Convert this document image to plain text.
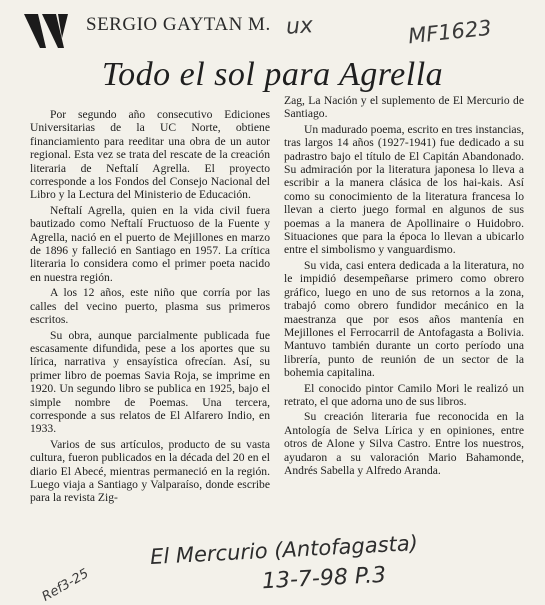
SERGIO GAYTAN M. ux	MF1623
Todo el sol para Agrella

Por segundo año consecutivo Ediciones Universitarias de la UC Norte, obtiene financiamiento para reeditar una obra de un autor regional. Esta vez se trata del rescate de la creación literaria de Neftalí Agrella. El proyecto corresponde a los Fondos del Consejo Nacional del Libro y la Lectura del Ministerio de Educación.

Neftalí Agrella, quien en la vida civil fuera bautizado como Neftalí Fructuoso de la Fuente y Agrella, nació en el puerto de Mejillones en marzo de 1896 y falleció en Santiago en 1957. La crítica literaria lo considera como el primer poeta nacido en nuestra región.

A los 12 años, este niño que corría por las calles del vecino puerto, plasma sus primeros escritos.

Su obra, aunque parcialmente publicada fue escasamente difundida, pese a los aportes que su lírica, narrativa y ensayística ofrecían. Así, su primer libro de poemas Savia Roja, se imprime en 1920. Un segundo libro se publica en 1925, bajo el simple nombre de Poemas. Una tercera, corresponde a sus relatos de El Alfarero Indio, en 1933.

Varios de sus artículos, producto de su vasta cultura, fueron publicados en la década del 20 en el diario El Abecé, mientras permaneció en la región. Luego viaja a Santiago y Valparaíso, donde escribe para la revista Zig-

Zag, La Nación y el suplemento de El Mercurio de Santiago.

Un madurado poema, escrito en tres instancias, tras largos 14 años (1927-1941) fue dedicado a su padrastro bajo el título de El Capitán Abandonado. Su admiración por la literatura japonesa lo lleva a escribir a la manera clásica de los hai-kais. Así como su conocimiento de la literatura francesa lo llevan a cierto juego formal en algunos de sus poemas a la manera de Apollinaire o Huidobro. Situaciones que para la época lo llevan a ubicarlo entre el simbolismo y vanguardismo.

Su vida, casi entera dedicada a la literatura, no le impidió desempeñarse primero como obrero gráfico, luego en uno de sus retornos a la zona, trabajó como obrero fundidor mecánico en la maestranza que por esos años mantenía en Mejillones el Ferrocarril de Antofagasta a Bolivia. Mantuvo también durante un corto período una librería, punto de reunión de un sector de la bohemia capitalina.

El conocido pintor Camilo Mori le realizó un retrato, el que adorna uno de sus libros.

Su creación literaria fue reconocida en la Antología de Selva Lírica y en opiniones, entre otros de Alone y Silva Castro. Entre los nuestros, ayudaron a su valoración Mario Bahamonde, Andrés Sabella y Alfredo Aranda.

Ref3-25
El Mercurio (Antofagasta)
13-7-98 P.3
